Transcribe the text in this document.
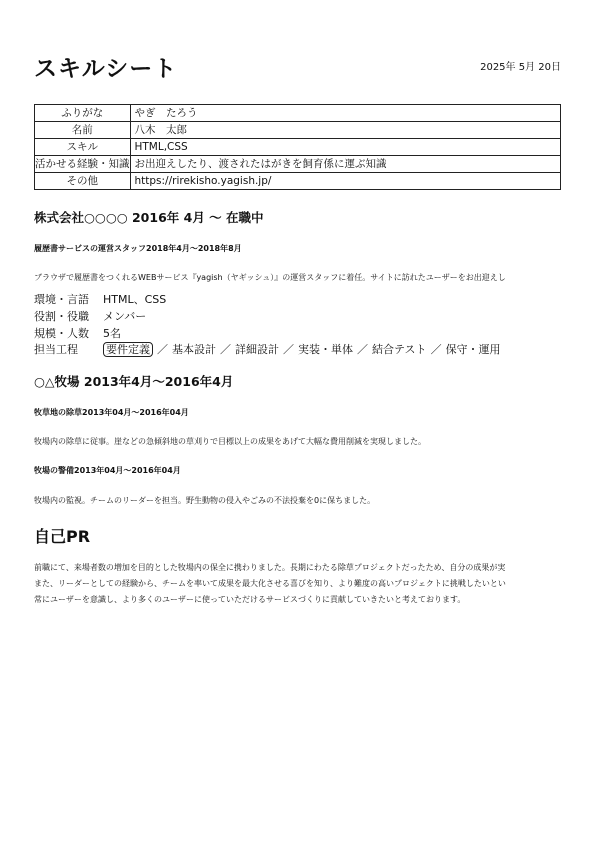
スキルシート	2025年 5月 20日
ふりがな	やぎ　たろう
名前	八木　太郎
スキル	HTML,CSS
活かせる経験・知識	お出迎えしたり、渡されたはがきを飼育係に運ぶ知識
その他	https://rirekisho.yagish.jp/
株式会社○○○○ 2016年 4月 〜 在職中
履歴書サービスの運営スタッフ2018年4月〜2018年8月

ブラウザで履歴書をつくれるWEBサービス『yagish（ヤギッシュ）』の運営スタッフに着任。サイトに訪れたユーザーをお出迎えし

環境・言語 HTML、CSS
役割・役職 メンバー
規模・人数 5名
担当工程	要件定義 ／ 基本設計 ／ 詳細設計 ／ 実装・単体 ／ 結合テスト ／ 保守・運用
○△牧場 2013年4月〜2016年4月
牧草地の除草2013年04月〜2016年04月

牧場内の除草に従事。崖などの急傾斜地の草刈りで目標以上の成果をあげて大幅な費用削減を実現しました。

牧場の警備2013年04月〜2016年04月

牧場内の監視。チームのリーダーを担当。野生動物の侵入やごみの不法投棄を0に保ちました。

自己PR

前職にて、来場者数の増加を目的とした牧場内の保全に携わりました。長期にわたる除草プロジェクトだったため、自分の成果が実

また、リーダーとしての経験から、チームを率いて成果を最大化させる喜びを知り、より難度の高いプロジェクトに挑戦したいとい

常にユーザーを意識し、より多くのユーザーに使っていただけるサービスづくりに貢献していきたいと考えております。
